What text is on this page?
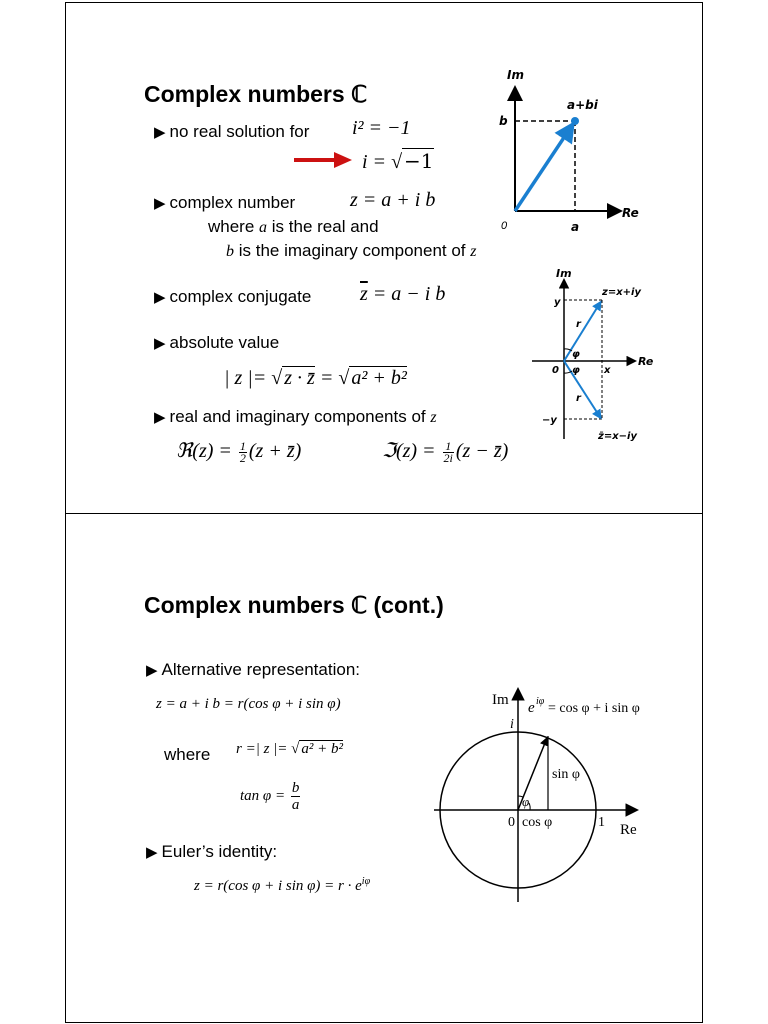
Complex numbers ℂ
▶ no real solution for i² = −1
i = √ −1
▶ complex number	z = a + i b
where a is the real and
b is the imaginary component of z
▶ complex conjugate $\overline{z} = a - i$ b
▶ absolute value
| z |= √ z · z̄ = √ a² + b²
▶ real and imaginary components of z
ℜ(z) = $\frac{1}{2} (z$ + z̄)	ℑ(z) = $\frac{1}{2i} (z$ − z̄)
Im
Re
a+bi
b
a
0
Im
Re
z=x+iy
z̄=x−iy
y
−y
x
0
r
r
φ
φ
Complex numbers ℂ (cont.)
▶ Alternative representation:
z = a + i b = r(cos φ + i sin φ)
where r =| z |= √ a² + b²
$\tan \varphi = \frac{b}{a}$
▶ Euler’s identity:
z = r(cos φ + i $\sin \varphi) = r \cdot e^{i\varphi}$
Im
i
Re
0	1
cos φ
sin φ
φ
e iφ = cos φ + i sin φ
